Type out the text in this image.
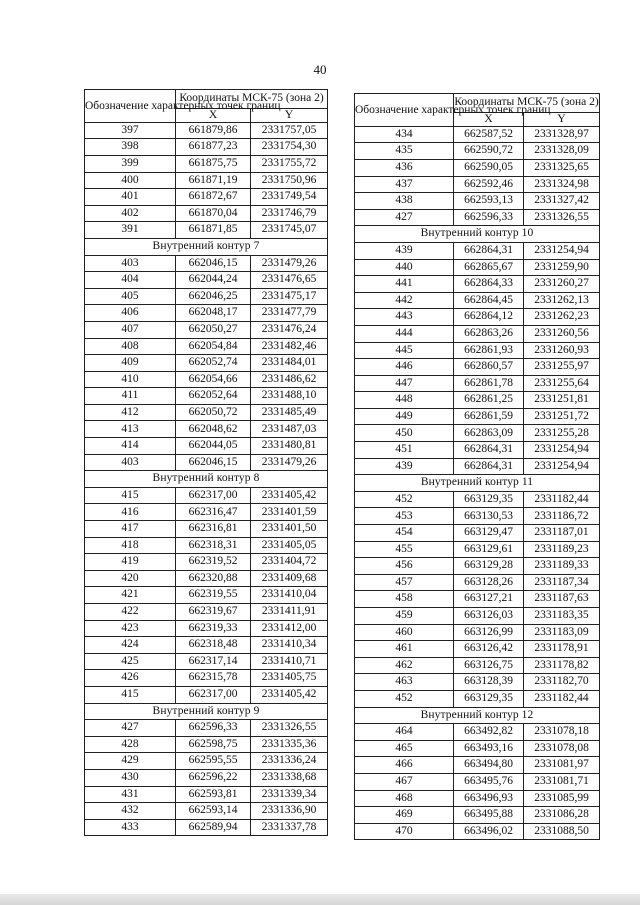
40
Обозначение характерных точек границ	Координаты МСК-75 (зона 2)	
	X	Y
397	661879,86	2331757,05
398	661877,23	2331754,30
399	661875,75	2331755,72
400	661871,19	2331750,96
401	661872,67	2331749,54
402	661870,04	2331746,79
391	661871,85	2331745,07
Внутренний контур 7		
403	662046,15	2331479,26
404	662044,24	2331476,65
405	662046,25	2331475,17
406	662048,17	2331477,79
407	662050,27	2331476,24
408	662054,84	2331482,46
409	662052,74	2331484,01
410	662054,66	2331486,62
411	662052,64	2331488,10
412	662050,72	2331485,49
413	662048,62	2331487,03
414	662044,05	2331480,81
403	662046,15	2331479,26
Внутренний контур 8		
415	662317,00	2331405,42
416	662316,47	2331401,59
417	662316,81	2331401,50
418	662318,31	2331405,05
419	662319,52	2331404,72
420	662320,88	2331409,68
421	662319,55	2331410,04
422	662319,67	2331411,91
423	662319,33	2331412,00
424	662318,48	2331410,34
425	662317,14	2331410,71
426	662315,78	2331405,75
415	662317,00	2331405,42
Внутренний контур 9		
427	662596,33	2331326,55
428	662598,75	2331335,36
429	662595,55	2331336,24
430	662596,22	2331338,68
431	662593,81	2331339,34
432	662593,14	2331336,90
433	662589,94	2331337,78
Обозначение характерных точек границ	Координаты МСК-75 (зона 2)	
	X	Y
434	662587,52	2331328,97
435	662590,72	2331328,09
436	662590,05	2331325,65
437	662592,46	2331324,98
438	662593,13	2331327,42
427	662596,33	2331326,55
Внутренний контур 10		
439	662864,31	2331254,94
440	662865,67	2331259,90
441	662864,33	2331260,27
442	662864,45	2331262,13
443	662864,12	2331262,23
444	662863,26	2331260,56
445	662861,93	2331260,93
446	662860,57	2331255,97
447	662861,78	2331255,64
448	662861,25	2331251,81
449	662861,59	2331251,72
450	662863,09	2331255,28
451	662864,31	2331254,94
439	662864,31	2331254,94
Внутренний контур 11		
452	663129,35	2331182,44
453	663130,53	2331186,72
454	663129,47	2331187,01
455	663129,61	2331189,23
456	663129,28	2331189,33
457	663128,26	2331187,34
458	663127,21	2331187,63
459	663126,03	2331183,35
460	663126,99	2331183,09
461	663126,42	2331178,91
462	663126,75	2331178,82
463	663128,39	2331182,70
452	663129,35	2331182,44
Внутренний контур 12		
464	663492,82	2331078,18
465	663493,16	2331078,08
466	663494,80	2331081,97
467	663495,76	2331081,71
468	663496,93	2331085,99
469	663495,88	2331086,28
470	663496,02	2331088,50
